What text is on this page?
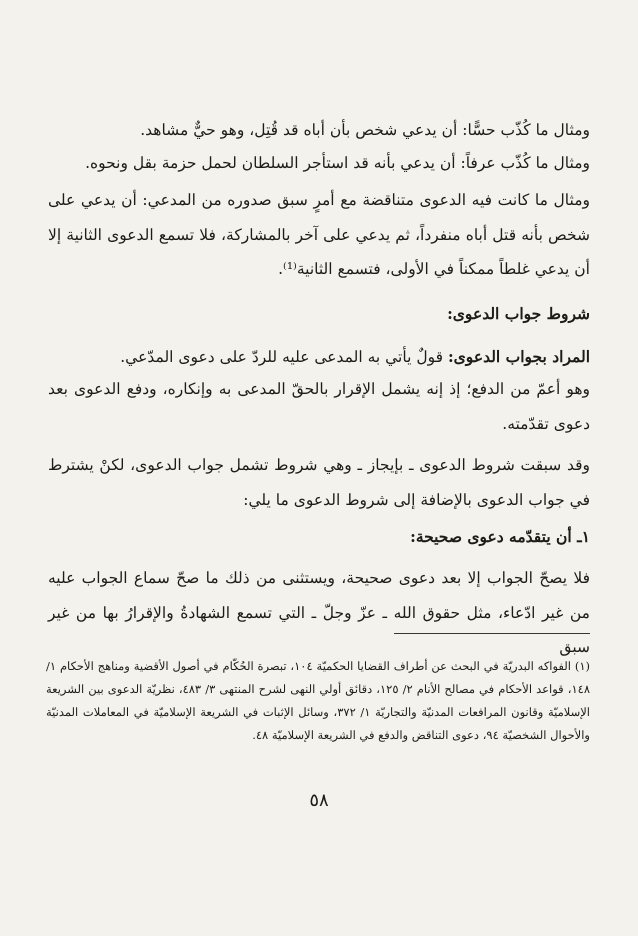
ومثال ما كُذّب حسًّا: أن يدعي شخص بأن أباه قد قُتِل، وهو حيٌّ مشاهد.
ومثال ما كُذّب عرفاً: أن يدعي بأنه قد استأجر السلطان لحمل حزمة بقل ونحوه.
ومثال ما كانت فيه الدعوى متناقضة مع أمرٍ سبق صدوره من المدعي: أن يدعي على شخص بأنه قتل أباه منفرداً، ثم يدعي على آخر بالمشاركة، فلا تسمع الدعوى الثانية إلا أن يدعي غلطاً ممكناً في الأولى، فتسمع الثانية⁽¹⁾.
شروط جواب الدعوى:
المراد بجواب الدعوى: قولٌ يأتي به المدعى عليه للردّ على دعوى المدّعي.
وهو أعمّ من الدفع؛ إذ إنه يشمل الإقرار بالحقّ المدعى به وإنكاره، ودفع الدعوى بعد دعوى تقدّمته.
وقد سبقت شروط الدعوى ـ بإيجاز ـ وهي شروط تشمل جواب الدعوى، لكنْ يشترط في جواب الدعوى بالإضافة إلى شروط الدعوى ما يلي:
١ـ أن يتقدّمه دعوى صحيحة:
فلا يصحّ الجواب إلا بعد دعوى صحيحة، ويستثنى من ذلك ما صحّ سماع الجواب عليه من غير ادّعاء، مثل حقوق الله ـ عزّ وجلّ ـ التي تسمع الشهادةُ والإقرارُ بها من غير سبق
(١) الفواكه البدريّة في البحث عن أطراف القضايا الحكميّة ١٠٤، تبصرة الحُكّام في أصول الأقضية ومناهج الأحكام ١/ ١٤٨، قواعد الأحكام في مصالح الأنام ٢/ ١٢٥، دقائق أولي النهى لشرح المنتهى ٣/ ٤٨٣، نظريّة الدعوى بين الشريعة الإسلاميّة وقانون المرافعات المدنيّة والتجاريّة ١/ ٣٧٢، وسائل الإثبات في الشريعة الإسلاميّة في المعاملات المدنيّة والأحوال الشخصيّة ٩٤، دعوى التناقض والدفع في الشريعة الإسلاميّة ٤٨.
٥٨
